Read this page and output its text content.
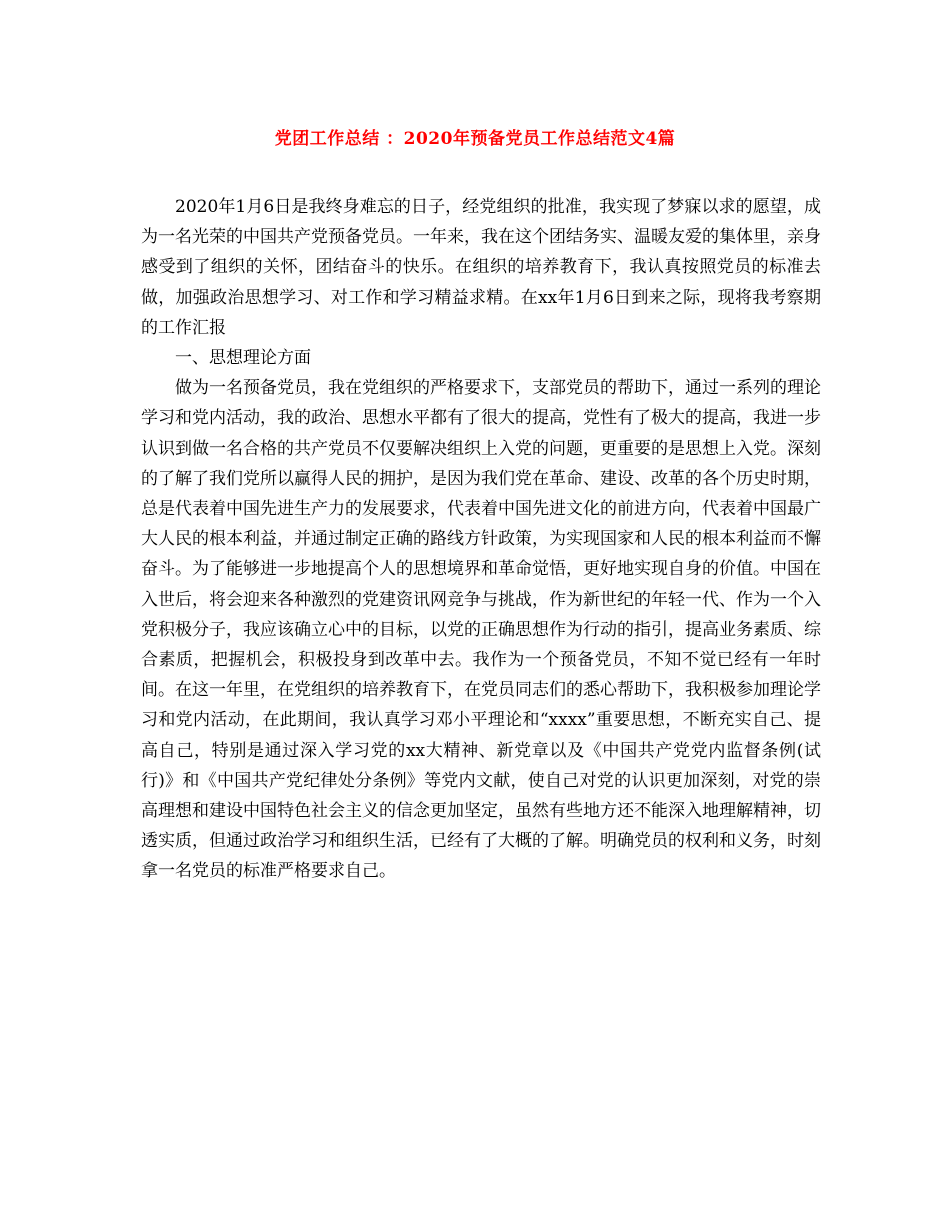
党团工作总结 ：2020年预备党员工作总结范文4篇

2020年1月6日是我终身难忘的日子，经党组织的批准，我实现了梦寐以求的愿望，成为一名光荣的中国共产党预备党员。一年来，我在这个团结务实、温暖友爱的集体里，亲身感受到了组织的关怀，团结奋斗的快乐。在组织的培养教育下，我认真按照党员的标准去做，加强政治思想学习、对工作和学习精益求精。在xx年1月6日到来之际，现将我考察期的工作汇报

一、思想理论方面

做为一名预备党员，我在党组织的严格要求下，支部党员的帮助下，通过一系列的理论学习和党内活动，我的政治、思想水平都有了很大的提高，党性有了极大的提高，我进一步认识到做一名合格的共产党员不仅要解决组织上入党的问题，更重要的是思想上入党。深刻的了解了我们党所以赢得人民的拥护，是因为我们党在革命、建设、改革的各个历史时期，总是代表着中国先进生产力的发展要求，代表着中国先进文化的前进方向，代表着中国最广大人民的根本利益，并通过制定正确的路线方针政策，为实现国家和人民的根本利益而不懈奋斗。为了能够进一步地提高个人的思想境界和革命觉悟，更好地实现自身的价值。中国在入世后，将会迎来各种激烈的党建资讯网竞争与挑战，作为新世纪的年轻一代、作为一个入党积极分子，我应该确立心中的目标，以党的正确思想作为行动的指引，提高业务素质、综合素质，把握机会，积极投身到改革中去。我作为一个预备党员，不知不觉已经有一年时间。在这一年里，在党组织的培养教育下，在党员同志们的悉心帮助下，我积极参加理论学习和党内活动，在此期间，我认真学习邓小平理论和“xxxx”重要思想，不断充实自己、提高自己，特别是通过深入学习党的xx大精神、新党章以及《中国共产党党内监督条例(试行)》和《中国共产党纪律处分条例》等党内文献，使自己对党的认识更加深刻，对党的崇高理想和建设中国特色社会主义的信念更加坚定，虽然有些地方还不能深入地理解精神，切透实质，但通过政治学习和组织生活，已经有了大概的了解。明确党员的权利和义务，时刻拿一名党员的标准严格要求自己。
